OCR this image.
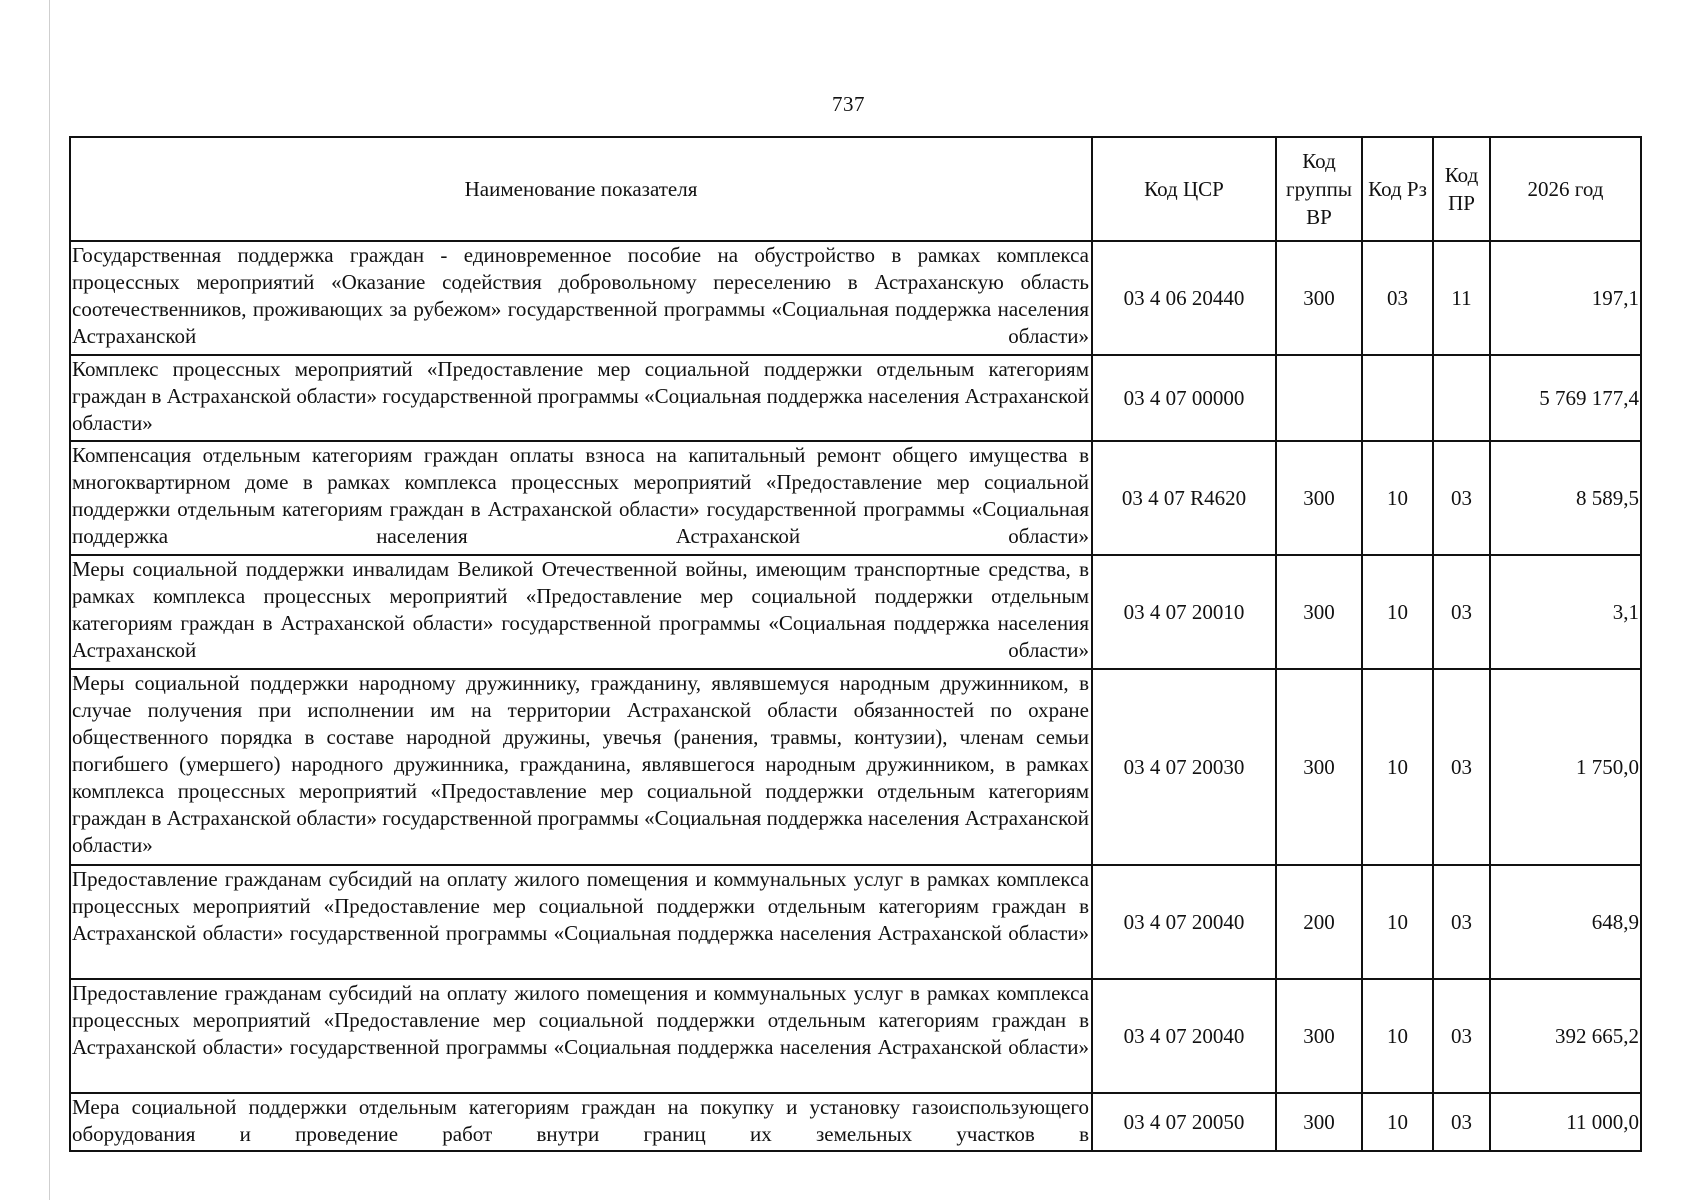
737
Наименование показателя	Код ЦСР	Код группы ВР	Код Рз	Код ПР	2026 год
Государственная поддержка граждан - единовременное пособие на обустройство в рамках комплекса процессных мероприятий «Оказание содействия добровольному переселению в Астраханскую область соотечественников, проживающих за рубежом» государственной программы «Социальная поддержка населения Астраханской области»	03 4 06 20440	300	03	11	197,1
Комплекс процессных мероприятий «Предоставление мер социальной поддержки отдельным категориям граждан в Астраханской области» государственной программы «Социальная поддержка населения Астраханской области»	03 4 07 00000				5 769 177,4
Компенсация отдельным категориям граждан оплаты взноса на капитальный ремонт общего имущества в многоквартирном доме в рамках комплекса процессных мероприятий «Предоставление мер социальной поддержки отдельным категориям граждан в Астраханской области» государственной программы «Социальная поддержка населения Астраханской области»	03 4 07 R4620	300	10	03	8 589,5
Меры социальной поддержки инвалидам Великой Отечественной войны, имеющим транспортные средства, в рамках комплекса процессных мероприятий «Предоставление мер социальной поддержки отдельным категориям граждан в Астраханской области» государственной программы «Социальная поддержка населения Астраханской области»	03 4 07 20010	300	10	03	3,1
Меры социальной поддержки народному дружиннику, гражданину, являвшемуся народным дружинником, в случае получения при исполнении им на территории Астраханской области обязанностей по охране общественного порядка в составе народной дружины, увечья (ранения, травмы, контузии), членам семьи погибшего (умершего) народного дружинника, гражданина, являвшегося народным дружинником, в рамках комплекса процессных мероприятий «Предоставление мер социальной поддержки отдельным категориям граждан в Астраханской области» государственной программы «Социальная поддержка населения Астраханской области»	03 4 07 20030	300	10	03	1 750,0
Предоставление гражданам субсидий на оплату жилого помещения и коммунальных услуг в рамках комплекса процессных мероприятий «Предоставление мер социальной поддержки отдельным категориям граждан в Астраханской области» государственной программы «Социальная поддержка населения Астраханской области»	03 4 07 20040	200	10	03	648,9
Предоставление гражданам субсидий на оплату жилого помещения и коммунальных услуг в рамках комплекса процессных мероприятий «Предоставление мер социальной поддержки отдельным категориям граждан в Астраханской области» государственной программы «Социальная поддержка населения Астраханской области»	03 4 07 20040	300	10	03	392 665,2
Мера социальной поддержки отдельным категориям граждан на покупку и установку газоиспользующего оборудования и проведение работ внутри границ их земельных участков в	03 4 07 20050	300	10	03	11 000,0
